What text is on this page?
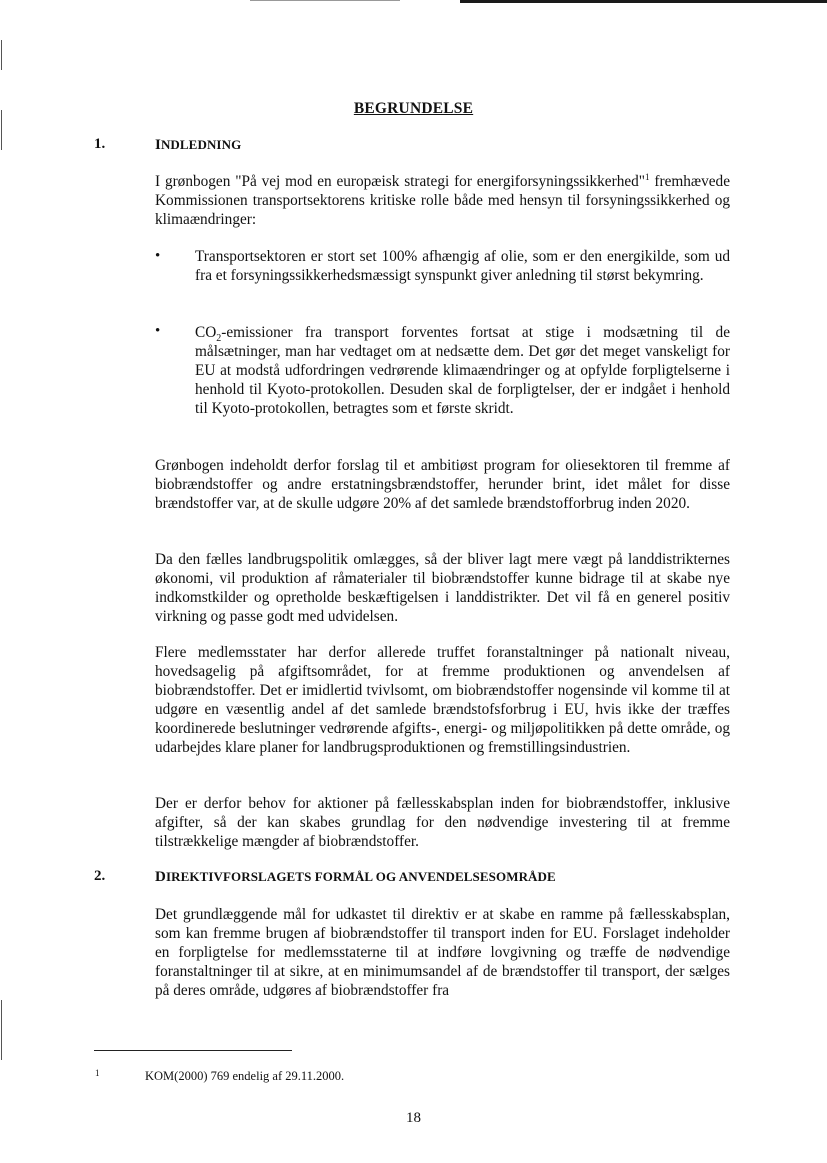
BEGRUNDELSE
1.	INDLEDNING
I grønbogen "På vej mod en europæisk strategi for energiforsyningssikkerhed"$^1$ fremhævede Kommissionen transportsektorens kritiske rolle både med hensyn til forsyningssikkerhed og klimaændringer:
• Transportsektoren er stort set 100% afhængig af olie, som er den energikilde, som ud fra et forsyningssikkerhedsmæssigt synspunkt giver anledning til størst bekymring.
• $CO_2$-emissioner fra transport forventes fortsat at stige i modsætning til de målsætninger, man har vedtaget om at nedsætte dem. Det gør det meget vanskeligt for EU at modstå udfordringen vedrørende klimaændringer og at opfylde forpligtelserne i henhold til Kyoto-protokollen. Desuden skal de forpligtelser, der er indgået i henhold til Kyoto-protokollen, betragtes som et første skridt.
Grønbogen indeholdt derfor forslag til et ambitiøst program for oliesektoren til fremme af biobrændstoffer og andre erstatningsbrændstoffer, herunder brint, idet målet for disse brændstoffer var, at de skulle udgøre 20% af det samlede brændstofforbrug inden 2020.
Da den fælles landbrugspolitik omlægges, så der bliver lagt mere vægt på landdistrikternes økonomi, vil produktion af råmaterialer til biobrændstoffer kunne bidrage til at skabe nye indkomstkilder og opretholde beskæftigelsen i landdistrikter. Det vil få en generel positiv virkning og passe godt med udvidelsen.
Flere medlemsstater har derfor allerede truffet foranstaltninger på nationalt niveau, hovedsagelig på afgiftsområdet, for at fremme produktionen og anvendelsen af biobrændstoffer. Det er imidlertid tvivlsomt, om biobrændstoffer nogensinde vil komme til at udgøre en væsentlig andel af det samlede brændstofsforbrug i EU, hvis ikke der træffes koordinerede beslutninger vedrørende afgifts-, energi- og miljøpolitikken på dette område, og udarbejdes klare planer for landbrugsproduktionen og fremstillingsindustrien.
Der er derfor behov for aktioner på fællesskabsplan inden for biobrændstoffer, inklusive afgifter, så der kan skabes grundlag for den nødvendige investering til at fremme tilstrækkelige mængder af biobrændstoffer.
2.	DIREKTIVFORSLAGETS FORMÅL OG ANVENDELSESOMRÅDE
Det grundlæggende mål for udkastet til direktiv er at skabe en ramme på fællesskabsplan, som kan fremme brugen af biobrændstoffer til transport inden for EU. Forslaget indeholder en forpligtelse for medlemsstaterne til at indføre lovgivning og træffe de nødvendige foranstaltninger til at sikre, at en minimumsandel af de brændstoffer til transport, der sælges på deres område, udgøres af biobrændstoffer fra
1	KOM(2000) 769 endelig af 29.11.2000.
18
